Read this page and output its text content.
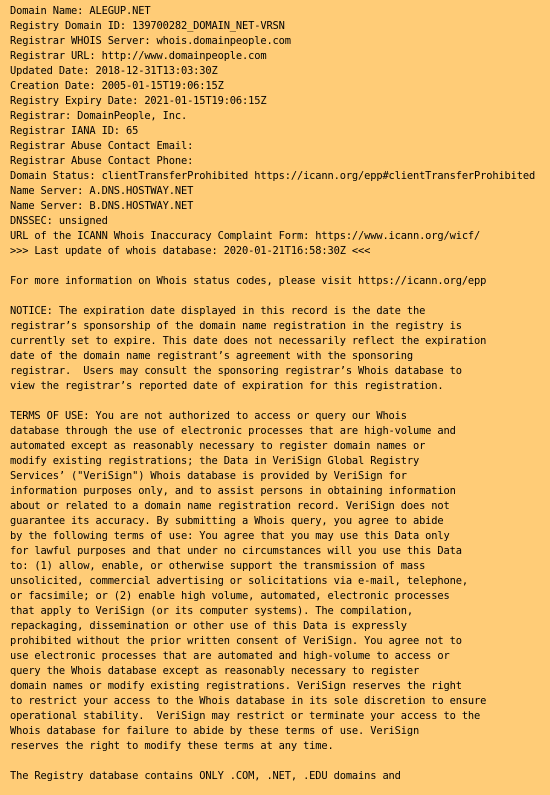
Domain Name: ALEGUP.NET
Registry Domain ID: 139700282_DOMAIN_NET-VRSN
Registrar WHOIS Server: whois.domainpeople.com
Registrar URL: http://www.domainpeople.com
Updated Date: 2018-12-31T13:03:30Z
Creation Date: 2005-01-15T19:06:15Z
Registry Expiry Date: 2021-01-15T19:06:15Z
Registrar: DomainPeople, Inc.
Registrar IANA ID: 65
Registrar Abuse Contact Email:
Registrar Abuse Contact Phone:
Domain Status: clientTransferProhibited https://icann.org/epp#clientTransferProhibited
Name Server: A.DNS.HOSTWAY.NET
Name Server: B.DNS.HOSTWAY.NET
DNSSEC: unsigned
URL of the ICANN Whois Inaccuracy Complaint Form: https://www.icann.org/wicf/
>>> Last update of whois database: 2020-01-21T16:58:30Z <<<
For more information on Whois status codes, please visit https://icann.org/epp
NOTICE: The expiration date displayed in this record is the date the
registrar’s sponsorship of the domain name registration in the registry is
currently set to expire. This date does not necessarily reflect the expiration
date of the domain name registrant’s agreement with the sponsoring
registrar.  Users may consult the sponsoring registrar’s Whois database to
view the registrar’s reported date of expiration for this registration.
TERMS OF USE: You are not authorized to access or query our Whois
database through the use of electronic processes that are high-volume and
automated except as reasonably necessary to register domain names or
modify existing registrations; the Data in VeriSign Global Registry
Services’ ("VeriSign") Whois database is provided by VeriSign for
information purposes only, and to assist persons in obtaining information
about or related to a domain name registration record. VeriSign does not
guarantee its accuracy. By submitting a Whois query, you agree to abide
by the following terms of use: You agree that you may use this Data only
for lawful purposes and that under no circumstances will you use this Data
to: (1) allow, enable, or otherwise support the transmission of mass
unsolicited, commercial advertising or solicitations via e-mail, telephone,
or facsimile; or (2) enable high volume, automated, electronic processes
that apply to VeriSign (or its computer systems). The compilation,
repackaging, dissemination or other use of this Data is expressly
prohibited without the prior written consent of VeriSign. You agree not to
use electronic processes that are automated and high-volume to access or
query the Whois database except as reasonably necessary to register
domain names or modify existing registrations. VeriSign reserves the right
to restrict your access to the Whois database in its sole discretion to ensure
operational stability.  VeriSign may restrict or terminate your access to the
Whois database for failure to abide by these terms of use. VeriSign
reserves the right to modify these terms at any time.
The Registry database contains ONLY .COM, .NET, .EDU domains and
